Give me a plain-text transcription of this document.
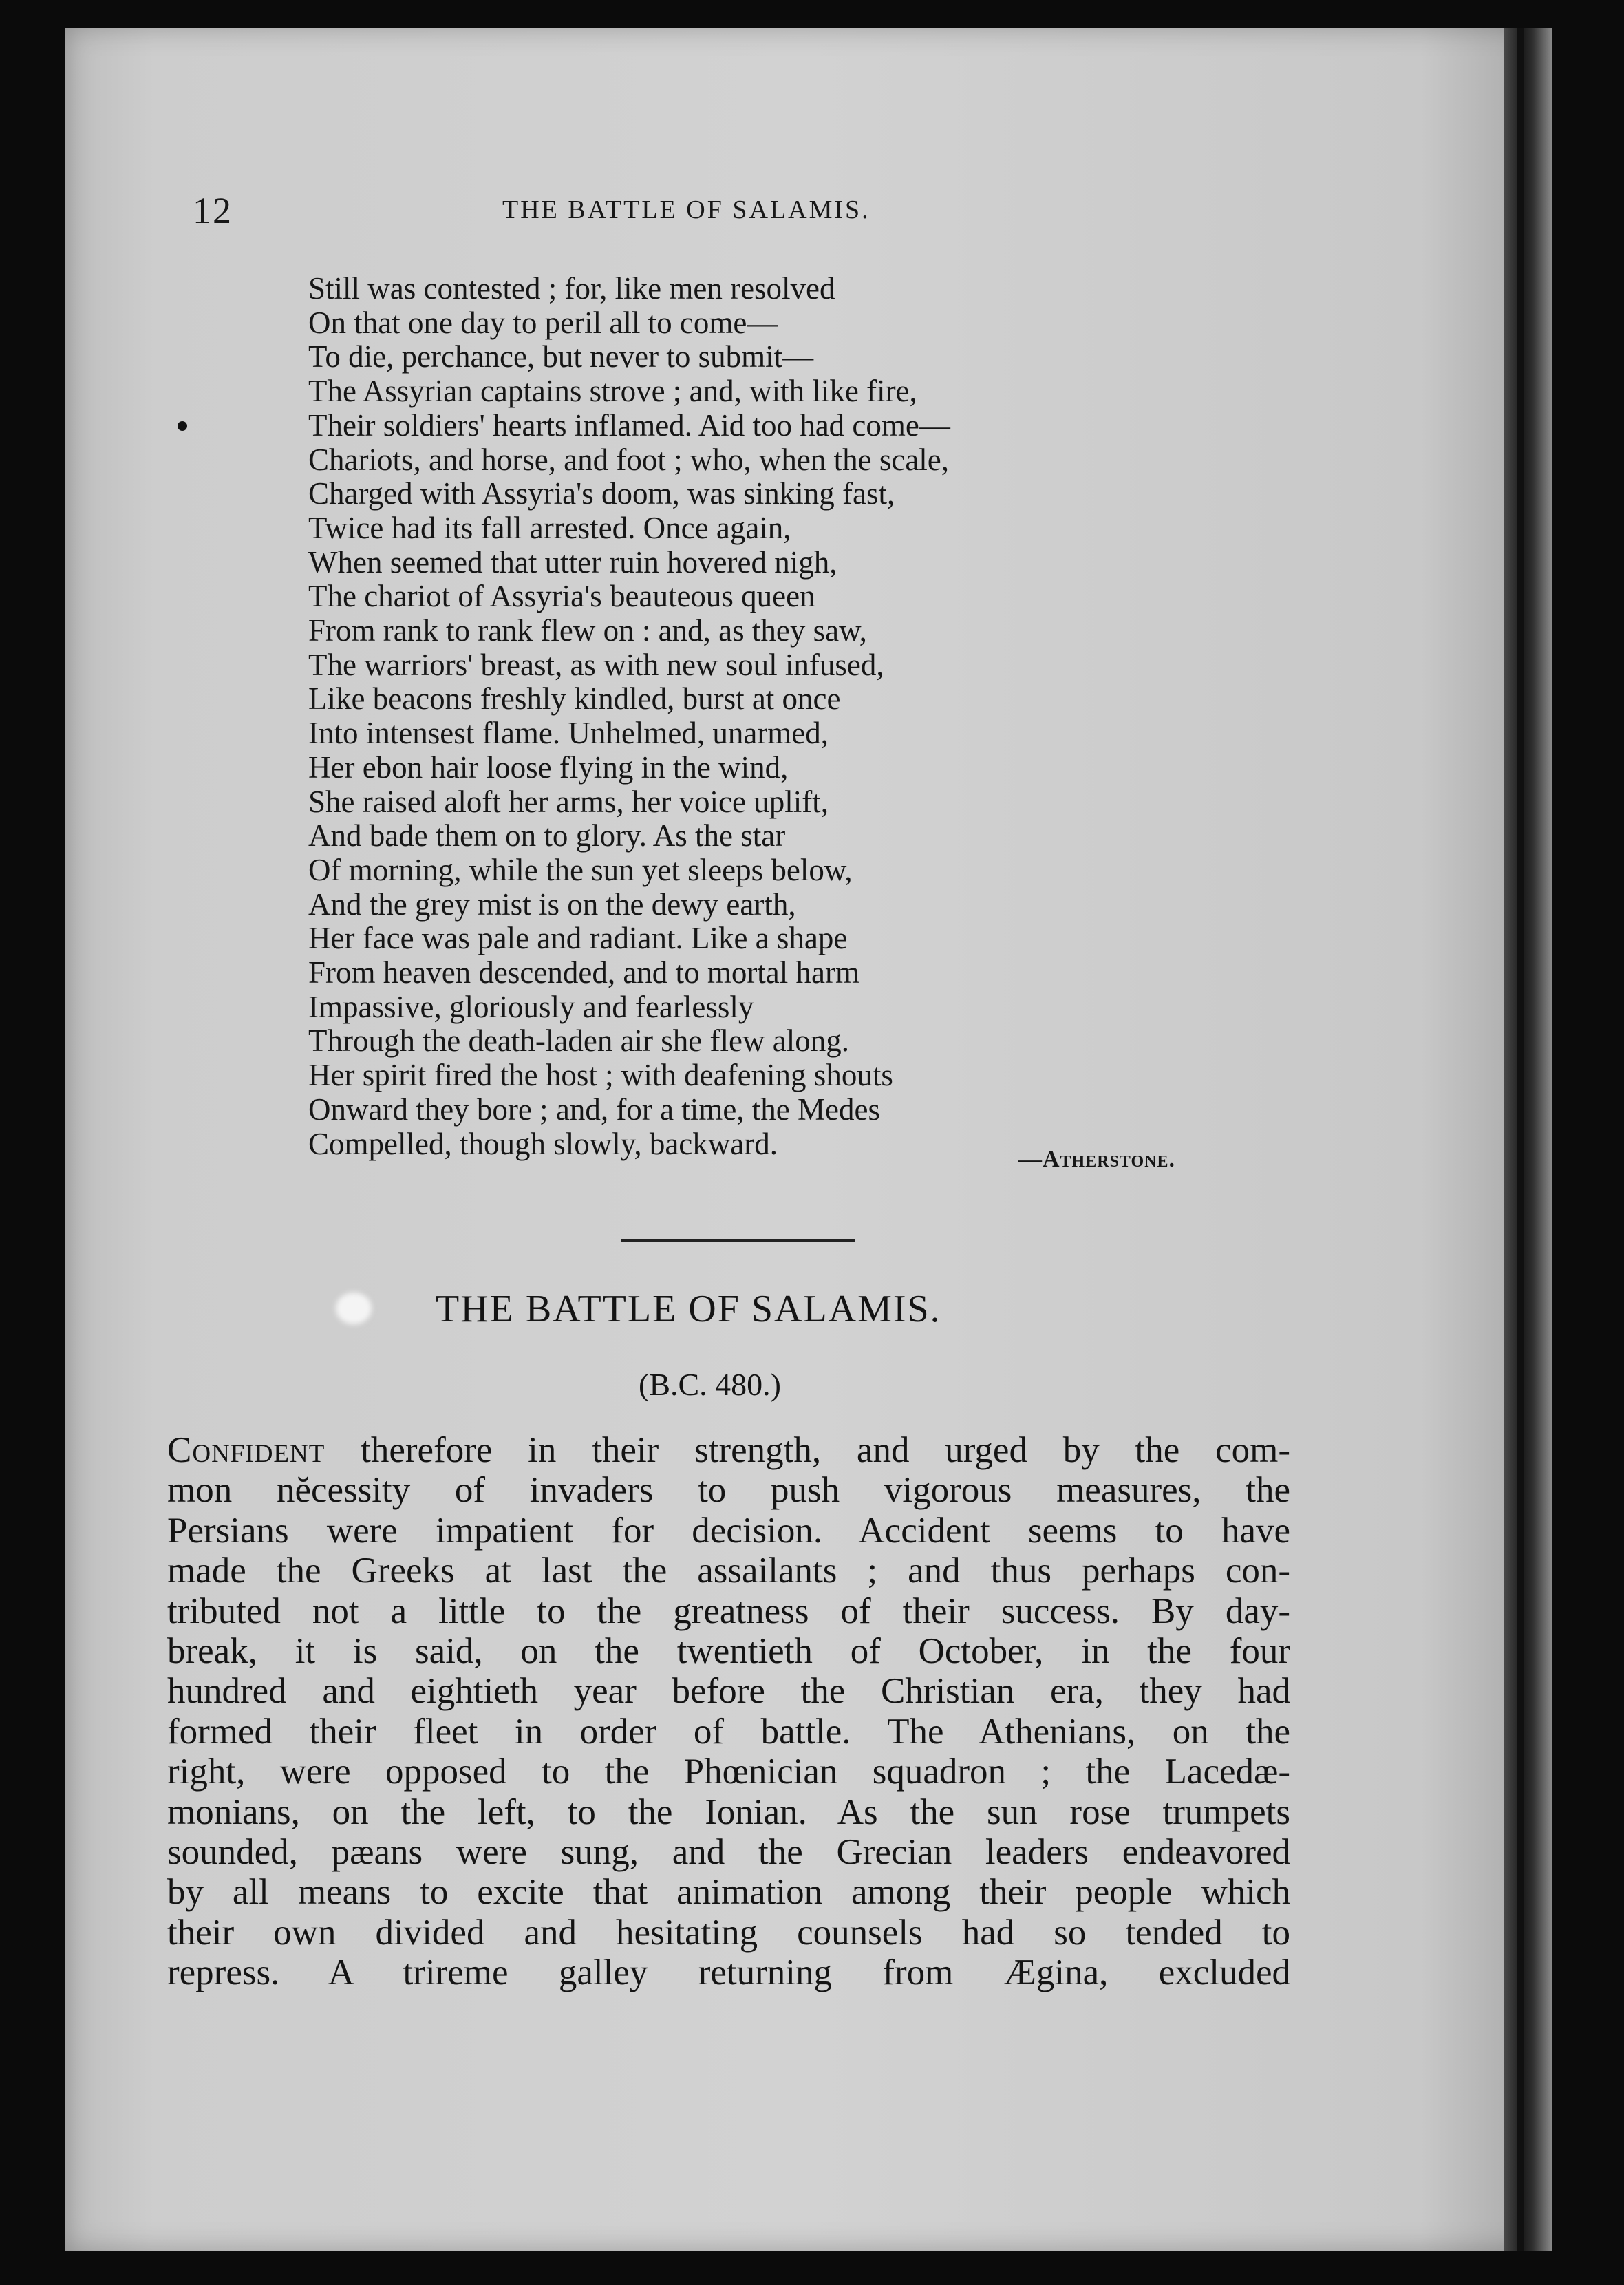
12	THE BATTLE OF SALAMIS.
Still was contested ; for, like men resolved
On that one day to peril all to come—
To die, perchance, but never to submit—
The Assyrian captains strove ; and, with like fire,
Their soldiers' hearts inflamed. Aid too had come—
Chariots, and horse, and foot ; who, when the scale,
Charged with Assyria's doom, was sinking fast,
Twice had its fall arrested. Once again,
When seemed that utter ruin hovered nigh,
The chariot of Assyria's beauteous queen
From rank to rank flew on : and, as they saw,
The warriors' breast, as with new soul infused,
Like beacons freshly kindled, burst at once
Into intensest flame. Unhelmed, unarmed,
Her ebon hair loose flying in the wind,
She raised aloft her arms, her voice uplift,
And bade them on to glory. As the star
Of morning, while the sun yet sleeps below,
And the grey mist is on the dewy earth,
Her face was pale and radiant. Like a shape
From heaven descended, and to mortal harm
Impassive, gloriously and fearlessly
Through the death-laden air she flew along.
Her spirit fired the host ; with deafening shouts
Onward they bore ; and, for a time, the Medes
Compelled, though slowly, backward.	—Atherstone.
THE BATTLE OF SALAMIS.
(B.C. 480.)
Confident therefore in their strength, and urged by the com-
mon nĕcessity of invaders to push vigorous measures, the
Persians were impatient for decision. Accident seems to have
made the Greeks at last the assailants ; and thus perhaps con-
tributed not a little to the greatness of their success. By day-
break, it is said, on the twentieth of October, in the four
hundred and eightieth year before the Christian era, they had
formed their fleet in order of battle. The Athenians, on the
right, were opposed to the Phœnician squadron ; the Lacedæ-
monians, on the left, to the Ionian. As the sun rose trumpets
sounded, pæans were sung, and the Grecian leaders endeavored
by all means to excite that animation among their people which
their own divided and hesitating counsels had so tended to
repress. A trireme galley returning from Ægina, excluded
